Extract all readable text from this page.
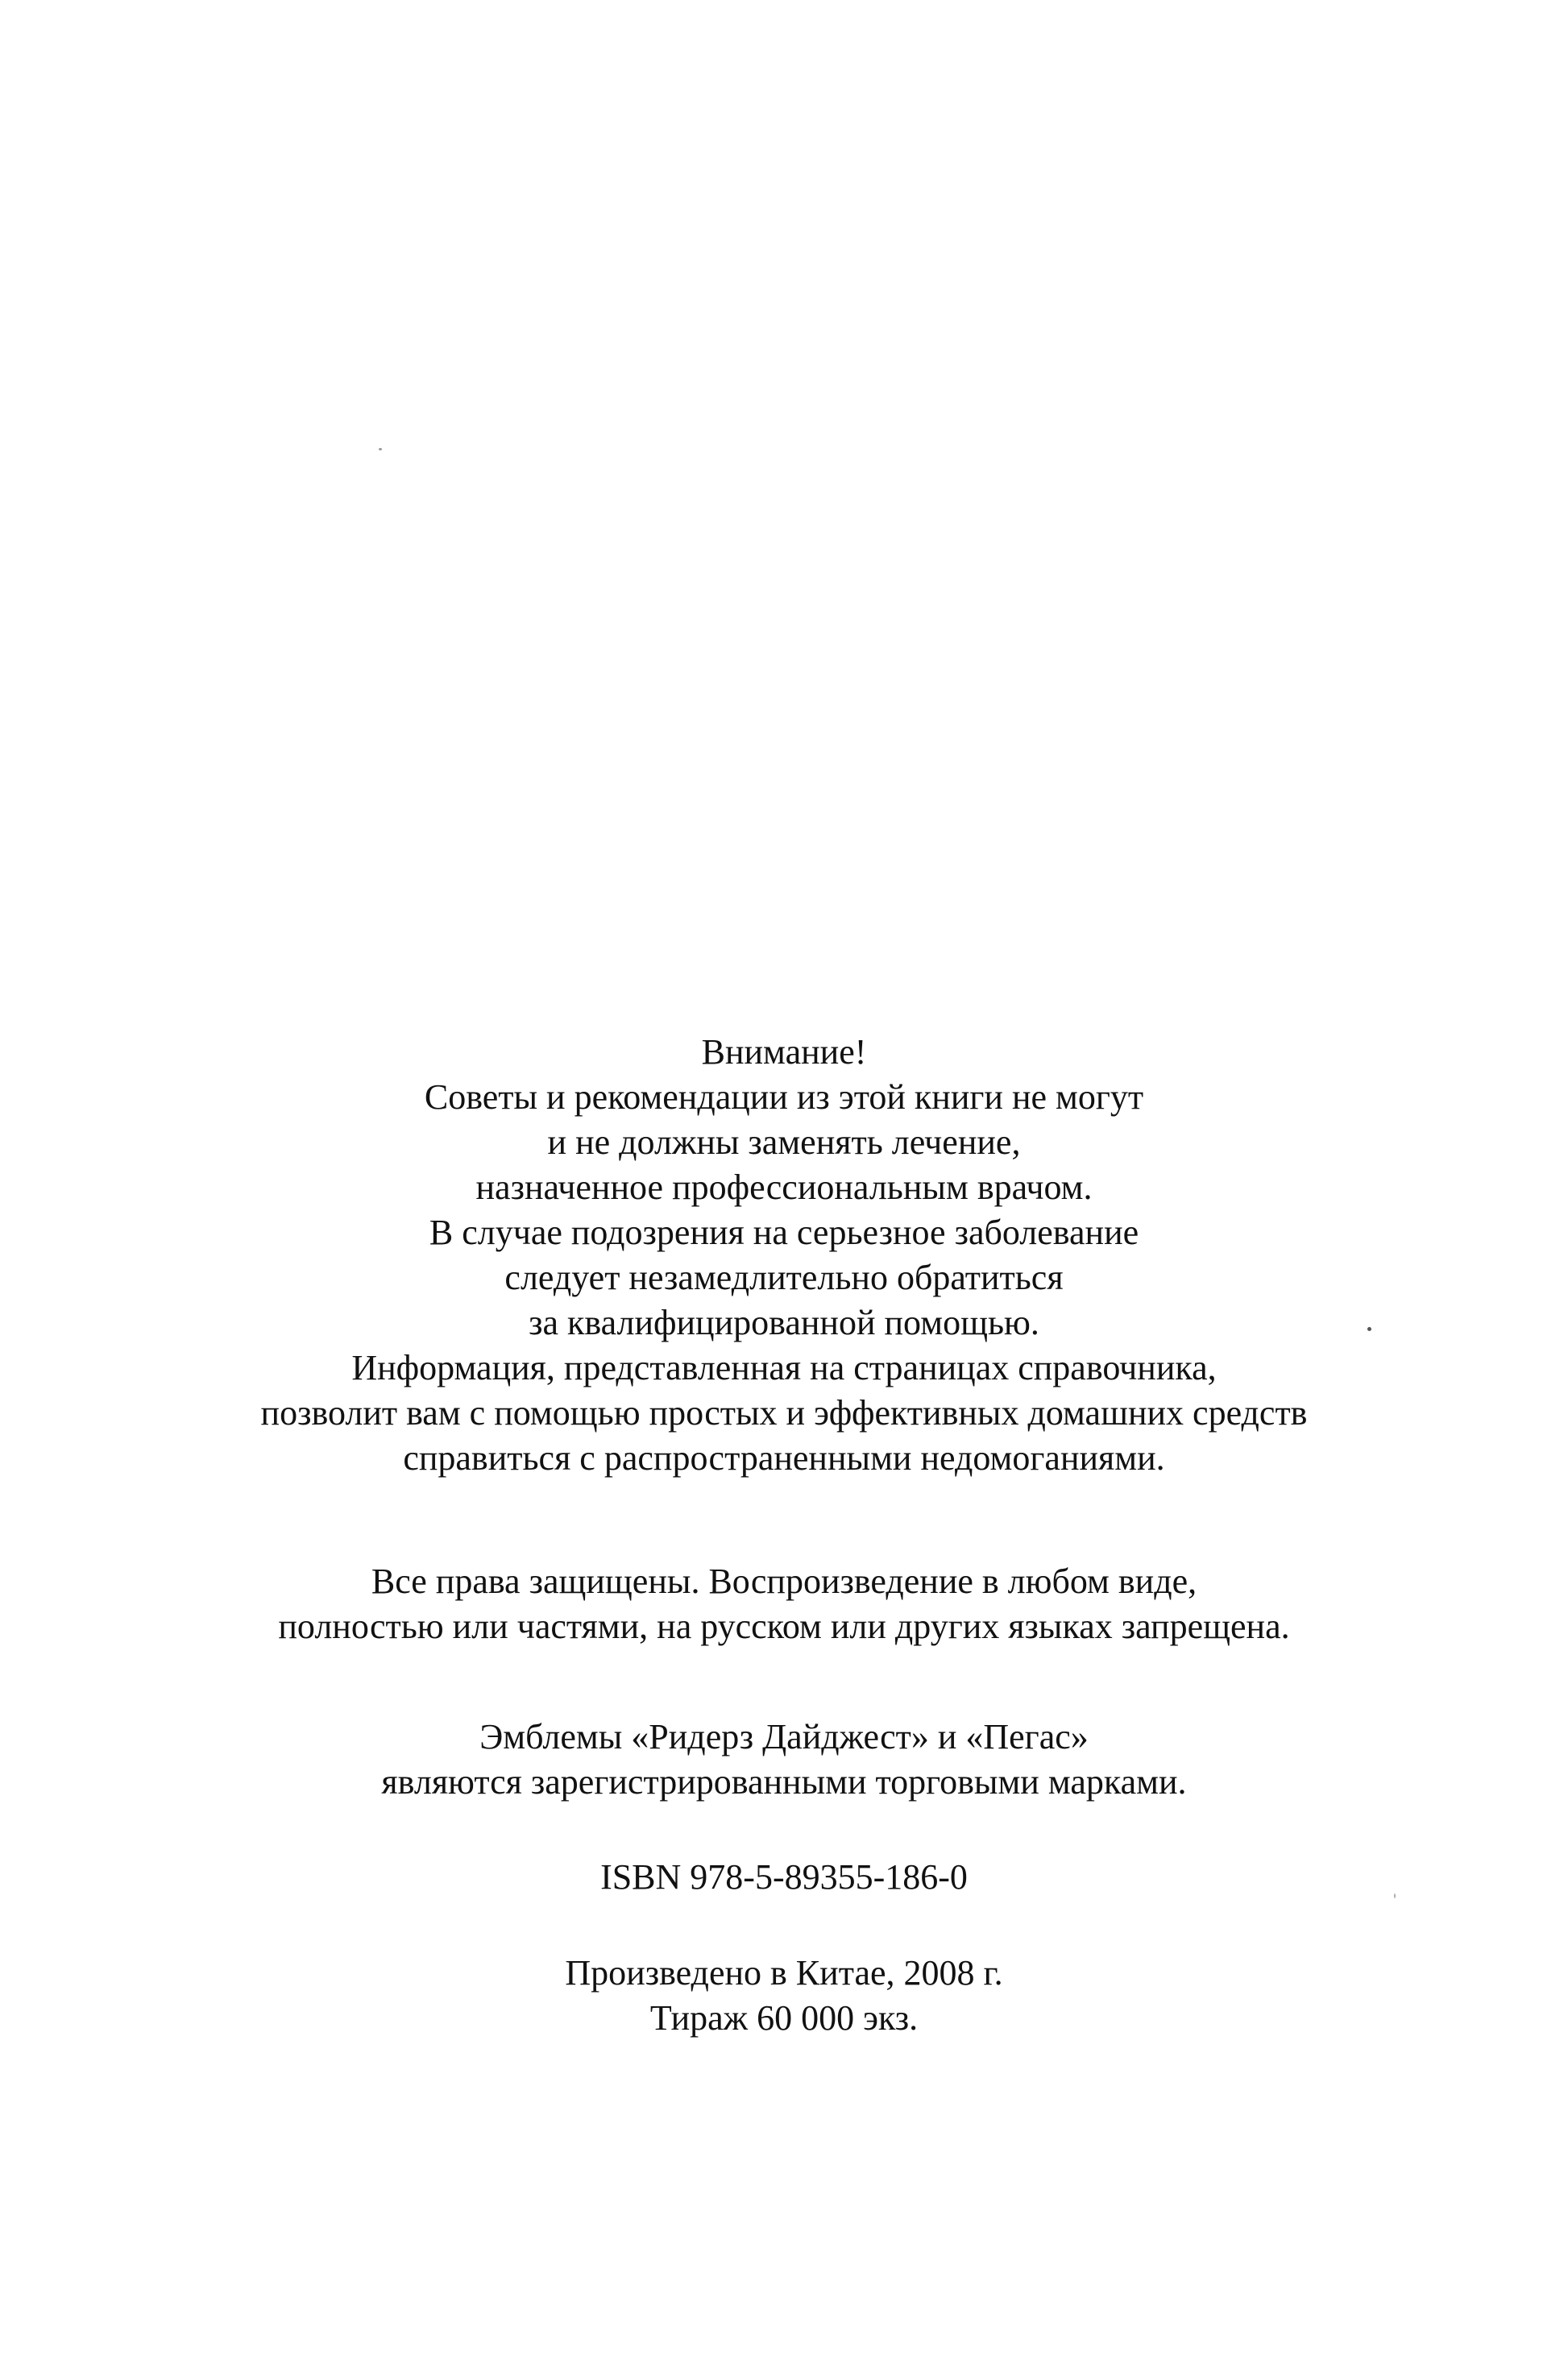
Внимание!
Советы и рекомендации из этой книги не могут
и не должны заменять лечение,
назначенное профессиональным врачом.
В случае подозрения на серьезное заболевание
следует незамедлительно обратиться
за квалифицированной помощью.
Информация, представленная на страницах справочника,
позволит вам с помощью простых и эффективных домашних средств
справиться с распространенными недомоганиями.
Все права защищены. Воспроизведение в любом виде,
полностью или частями, на русском или других языках запрещена.
Эмблемы «Ридерз Дайджест» и «Пегас»
являются зарегистрированными торговыми марками.
ISBN 978-5-89355-186-0
Произведено в Китае, 2008 г.
Тираж 60 000 экз.
